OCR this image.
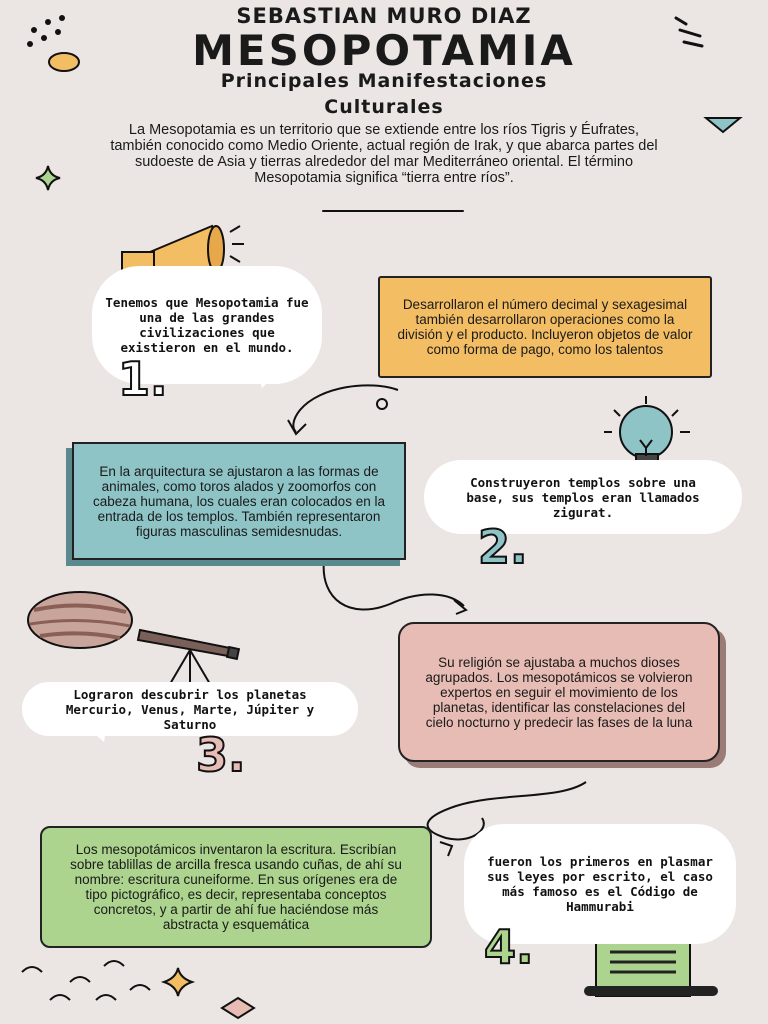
SEBASTIAN MURO DIAZ
MESOPOTAMIA
Principales Manifestaciones Culturales
La Mesopotamia es un territorio que se extiende entre los ríos Tigris y Éufrates, también conocido como Medio Oriente, actual región de Irak, y que abarca partes del sudoeste de Asia y tierras alrededor del mar Mediterráneo oriental. El término Mesopotamia significa “tierra entre ríos”.
Tenemos que Mesopotamia fue una de las grandes civilizaciones que existieron en el mundo.
1.
Desarrollaron el número decimal y sexagesimal también desarrollaron operaciones como la división y el producto. Incluyeron objetos de valor como forma de pago, como los talentos
En la arquitectura se ajustaron a las formas de animales, como toros alados y zoomorfos con cabeza humana, los cuales eran colocados en la entrada de los templos. También representaron figuras masculinas semidesnudas.
Construyeron templos sobre una base, sus templos eran llamados zigurat.
2.
Lograron descubrir los planetas Mercurio, Venus, Marte, Júpiter y Saturno
3.
Su religión se ajustaba a muchos dioses agrupados. Los mesopotámicos se volvieron expertos en seguir el movimiento de los planetas, identificar las constelaciones del cielo nocturno y predecir las fases de la luna
Los mesopotámicos inventaron la escritura. Escribían sobre tablillas de arcilla fresca usando cuñas, de ahí su nombre: escritura cuneiforme. En sus orígenes era de tipo pictográfico, es decir, representaba conceptos concretos, y a partir de ahí fue haciéndose más abstracta y esquemática
fueron los primeros en plasmar sus leyes por escrito, el caso más famoso es el Código de Hammurabi
4.
